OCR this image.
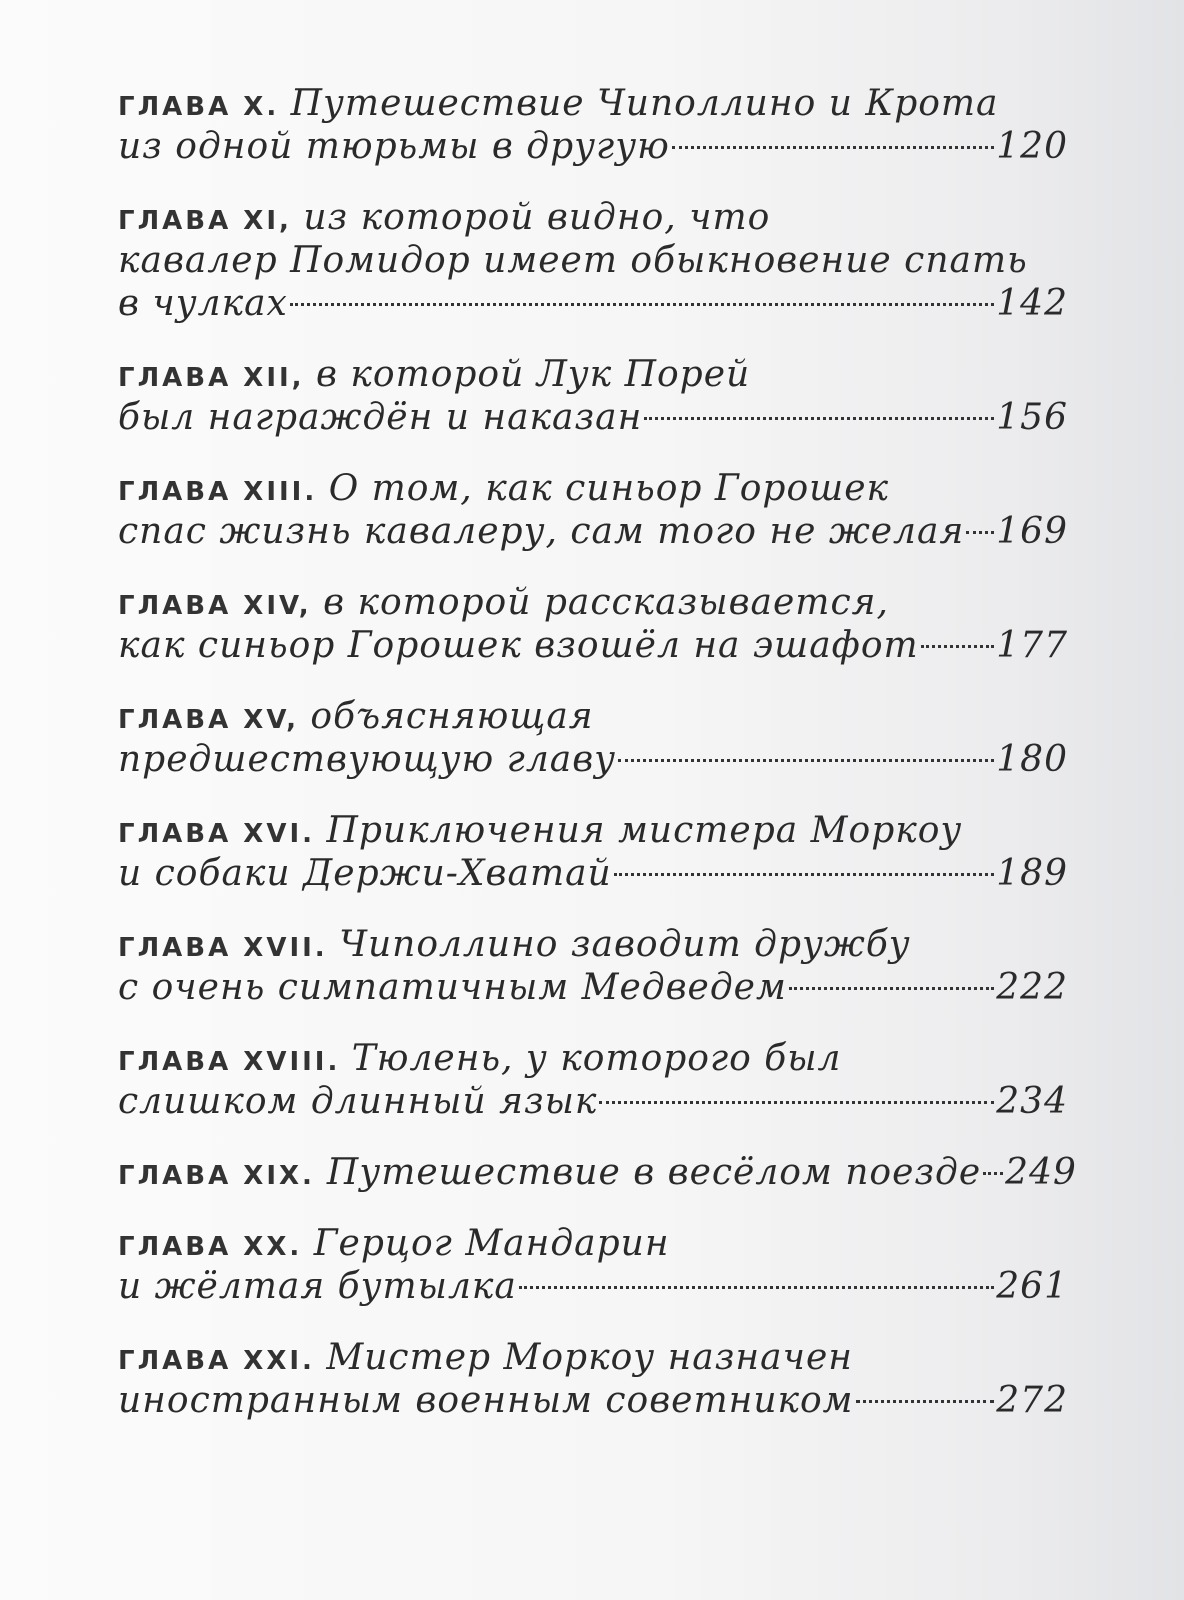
ГЛАВА X. Путешествие Чиполлино и Крота
из одной тюрьмы в другую	120
ГЛАВА XI, из которой видно, что
кавалер Помидор имеет обыкновение спать
в чулках	142
ГЛАВА XII, в которой Лук Порей
был награждён и наказан	156
ГЛАВА XIII. О том, как синьор Горошек
спас жизнь кавалеру, сам того не желая 169
ГЛАВА XIV, в которой рассказывается,
как синьор Горошек взошёл на эшафот 177
ГЛАВА XV, объясняющая
предшествующую главу	180
ГЛАВА XVI. Приключения мистера Моркоу
и собаки Держи-Хватай	189
ГЛАВА XVII. Чиполлино заводит дружбу
с очень симпатичным Медведем	222
ГЛАВА XVIII. Тюлень, у которого был
слишком длинный язык	234
ГЛАВА XIX. Путешествие в весёлом поезде 249
ГЛАВА XX. Герцог Мандарин
и жёлтая бутылка	261
ГЛАВА XXI. Мистер Моркоу назначен
иностранным военным советником	272
